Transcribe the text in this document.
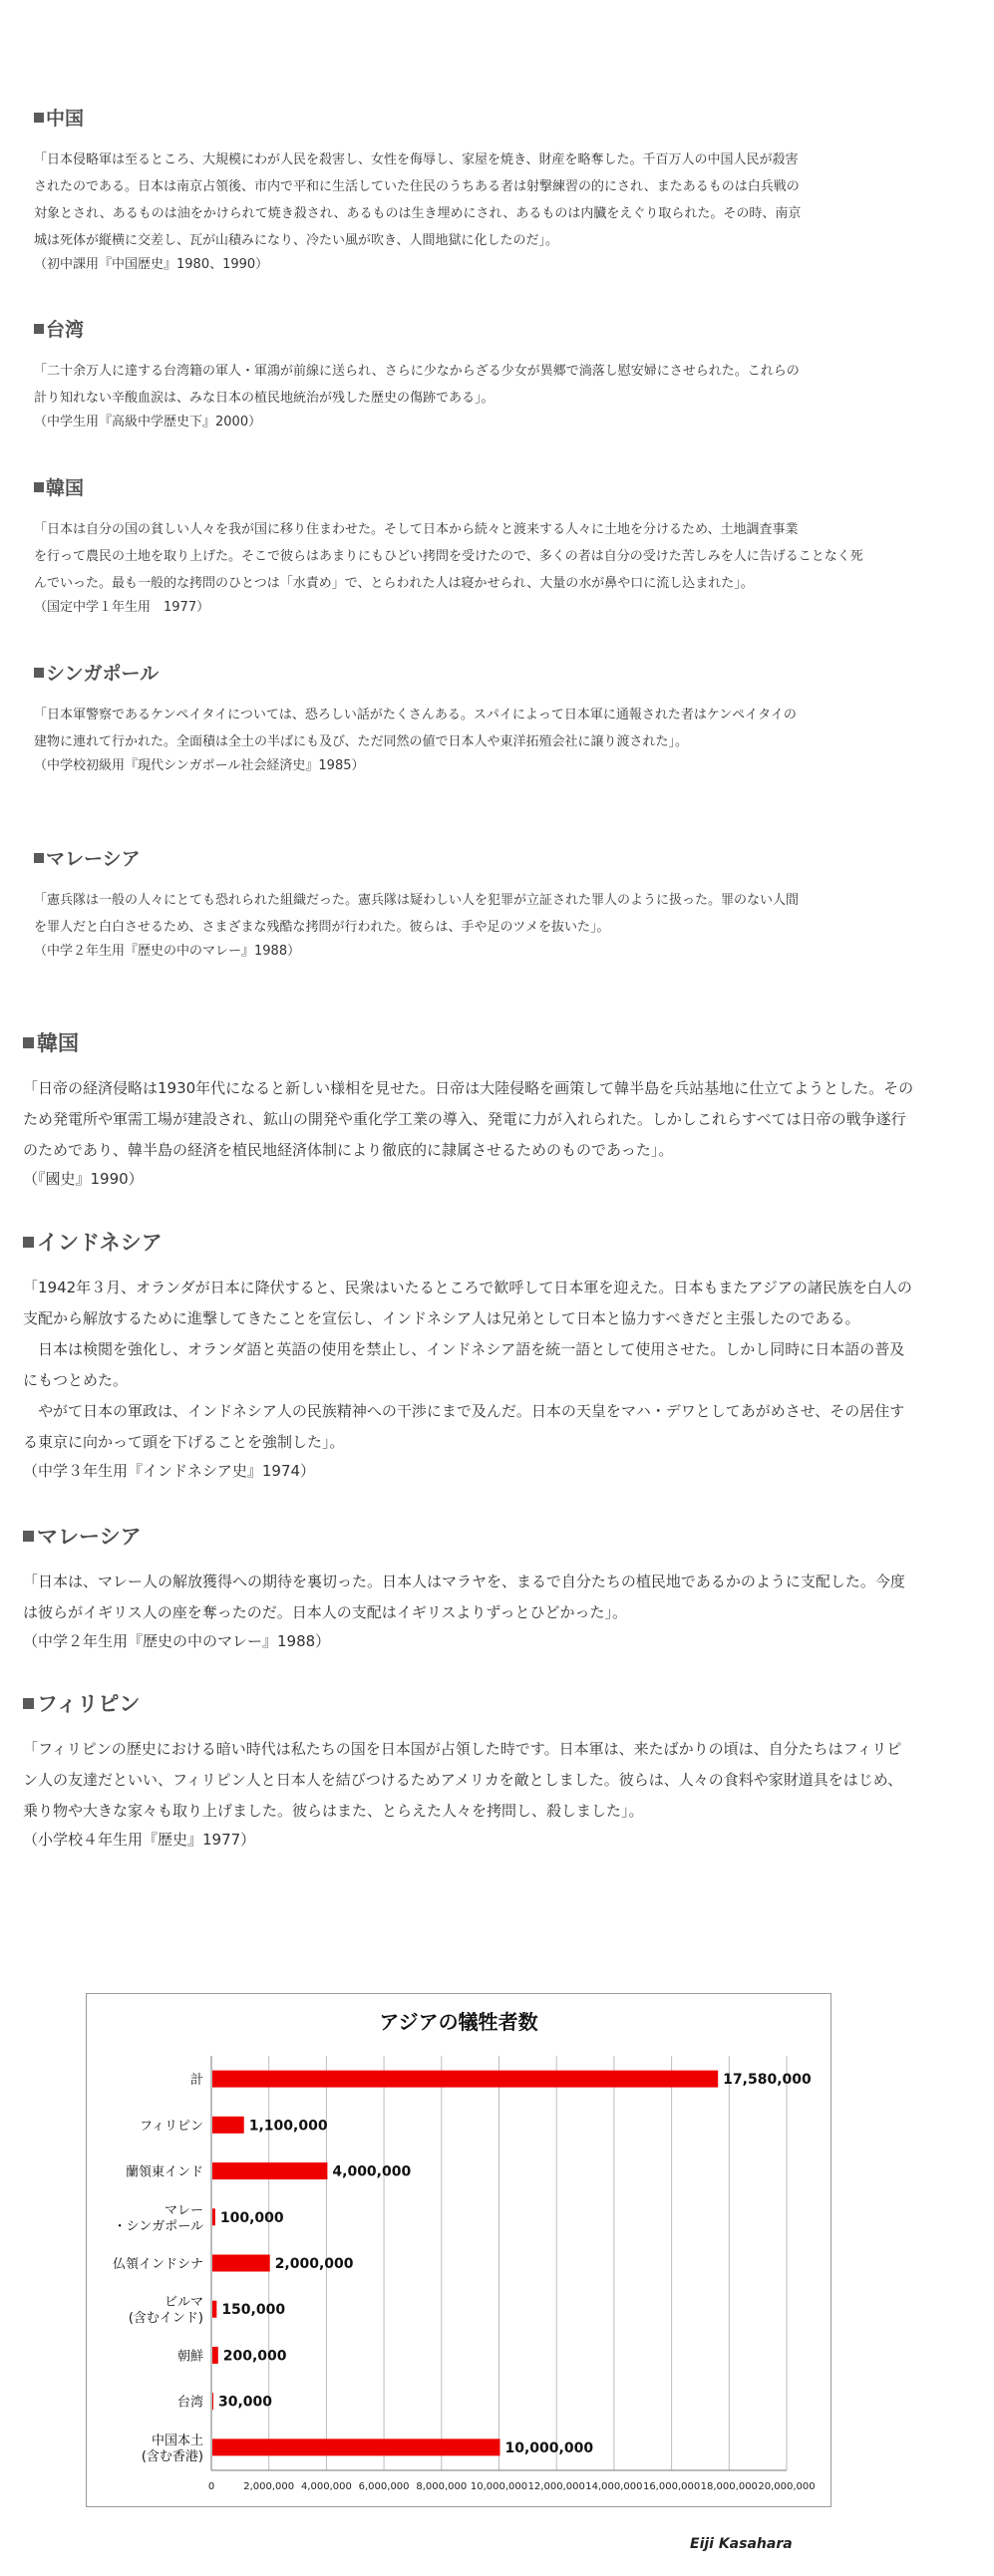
中国
「日本侵略軍は至るところ、大規模にわが人民を殺害し、女性を侮辱し、家屋を焼き、財産を略奪した。千百万人の中国人民が殺害
されたのである。日本は南京占領後、市内で平和に生活していた住民のうちある者は射撃練習の的にされ、またあるものは白兵戦の
対象とされ、あるものは油をかけられて焼き殺され、あるものは生き埋めにされ、あるものは内臓をえぐり取られた。その時、南京
城は死体が縦横に交差し、瓦が山積みになり、冷たい風が吹き、人間地獄に化したのだ」。
（初中課用『中国歴史』1980、1990）
台湾
「二十余万人に達する台湾籍の軍人・軍鴻が前線に送られ、さらに少なからざる少女が異郷で淌落し慰安婦にさせられた。これらの
計り知れない辛酸血涙は、みな日本の植民地統治が残した歴史の傷跡である」。
（中学生用『高級中学歴史下』2000）
韓国
「日本は自分の国の貧しい人々を我が国に移り住まわせた。そして日本から続々と渡来する人々に土地を分けるため、土地調査事業
を行って農民の土地を取り上げた。そこで彼らはあまりにもひどい拷問を受けたので、多くの者は自分の受けた苦しみを人に告げることなく死
んでいった。最も一般的な拷問のひとつは「水責め」で、とらわれた人は寝かせられ、大量の水が鼻や口に流し込まれた」。
（国定中学１年生用　1977）
シンガポール
「日本軍警察であるケンペイタイについては、恐ろしい話がたくさんある。スパイによって日本軍に通報された者はケンペイタイの
建物に連れて行かれた。全面積は全土の半ばにも及び、ただ同然の値で日本人や東洋拓殖会社に譲り渡された」。
（中学校初級用『現代シンガポール社会経済史』1985）
マレーシア
「憲兵隊は一般の人々にとても恐れられた組織だった。憲兵隊は疑わしい人を犯罪が立証された罪人のように扱った。罪のない人間
を罪人だと白白させるため、さまざまな残酷な拷問が行われた。彼らは、手や足のツメを抜いた」。
（中学２年生用『歴史の中のマレー』1988）
韓国
「日帝の経済侵略は1930年代になると新しい様相を見せた。日帝は大陸侵略を画策して韓半島を兵站基地に仕立てようとした。その
ため発電所や軍需工場が建設され、鉱山の開発や重化学工業の導入、発電に力が入れられた。しかしこれらすべては日帝の戦争遂行
のためであり、韓半島の経済を植民地経済体制により徹底的に隷属させるためのものであった」。
（『國史』1990）
インドネシア
「1942年３月、オランダが日本に降伏すると、民衆はいたるところで歓呼して日本軍を迎えた。日本もまたアジアの諸民族を白人の
支配から解放するために進撃してきたことを宣伝し、インドネシア人は兄弟として日本と協力すべきだと主張したのである。
　日本は検閲を強化し、オランダ語と英語の使用を禁止し、インドネシア語を統一語として使用させた。しかし同時に日本語の普及
にもつとめた。
　やがて日本の軍政は、インドネシア人の民族精神への干渉にまで及んだ。日本の天皇をマハ・デワとしてあがめさせ、その居住す
る東京に向かって頭を下げることを強制した」。
（中学３年生用『インドネシア史』1974）
マレーシア
「日本は、マレー人の解放獲得への期待を裏切った。日本人はマラヤを、まるで自分たちの植民地であるかのように支配した。今度
は彼らがイギリス人の座を奪ったのだ。日本人の支配はイギリスよりずっとひどかった」。
（中学２年生用『歴史の中のマレー』1988）
フィリピン
「フィリピンの歴史における暗い時代は私たちの国を日本国が占領した時です。日本軍は、来たばかりの頃は、自分たちはフィリピ
ン人の友達だといい、フィリピン人と日本人を結びつけるためアメリカを敵としました。彼らは、人々の食料や家財道具をはじめ、
乗り物や大きな家々も取り上げました。彼らはまた、とらえた人々を拷問し、殺しました」。
（小学校４年生用『歴史』1977）
アジアの犠牲者数
計
フィリピン
蘭領東インド
マレー・シンガポール
仏領インドシナ
ビルマ(含むインド)
朝鮮
台湾
中国本土(含む香港)
17,580,000
1,100,000
4,000,000
100,000
2,000,000
150,000
200,000
30,000
10,000,000
0	2,000,000 4,000,000 6,000,000 8,000,000 10,000,000 12,000,000 14,000,000 16,000,000 18,000,000 20,000,000
Eiji Kasahara
